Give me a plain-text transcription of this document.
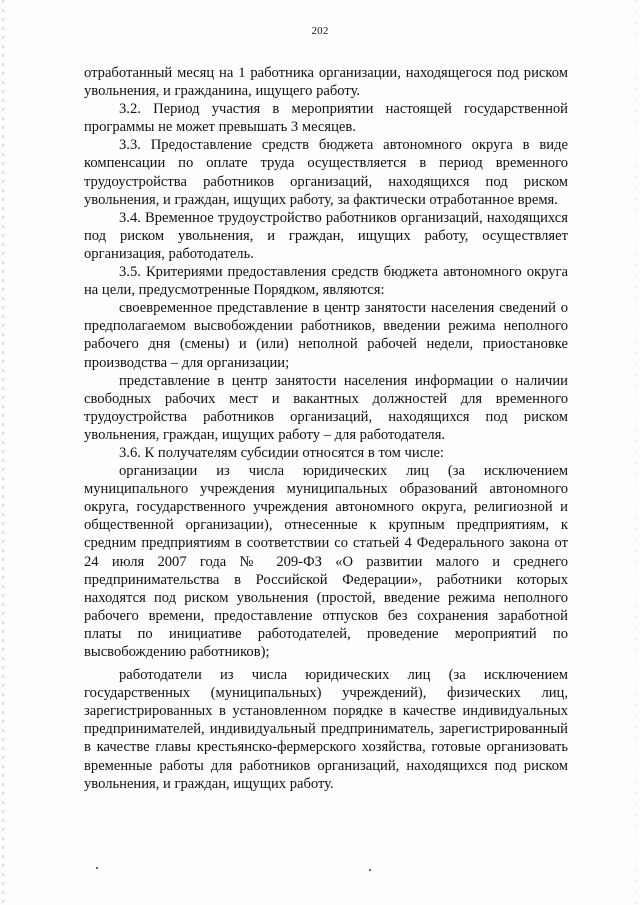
202

отработанный месяц на 1 работника организации, находящегося под риском увольнения, и гражданина, ищущего работу.

3.2. Период участия в мероприятии настоящей государственной программы не может превышать 3 месяцев.

3.3. Предоставление средств бюджета автономного округа в виде компенсации по оплате труда осуществляется в период временного трудоустройства работников организаций, находящихся под риском увольнения, и граждан, ищущих работу, за фактически отработанное время.

3.4. Временное трудоустройство работников организаций, находящихся под риском увольнения, и граждан, ищущих работу, осуществляет организация, работодатель.

3.5. Критериями предоставления средств бюджета автономного округа на цели, предусмотренные Порядком, являются:

своевременное представление в центр занятости населения сведений о предполагаемом высвобождении работников, введении режима неполного рабочего дня (смены) и (или) неполной рабочей недели, приостановке производства – для организации;

представление в центр занятости населения информации о наличии свободных рабочих мест и вакантных должностей для временного трудоустройства работников организаций, находящихся под риском увольнения, граждан, ищущих работу – для работодателя.

3.6. К получателям субсидии относятся в том числе:

организации из числа юридических лиц (за исключением муниципального учреждения муниципальных образований автономного округа, государственного учреждения автономного округа, религиозной и общественной организации), отнесенные к крупным предприятиям, к средним предприятиям в соответствии со статьей 4 Федерального закона от 24 июля 2007 года № 209-ФЗ «О развитии малого и среднего предпринимательства в Российской Федерации», работники которых находятся под риском увольнения (простой, введение режима неполного рабочего времени, предоставление отпусков без сохранения заработной платы по инициативе работодателей, проведение мероприятий по высвобождению работников);

работодатели из числа юридических лиц (за исключением государственных (муниципальных) учреждений), физических лиц, зарегистрированных в установленном порядке в качестве индивидуальных предпринимателей, индивидуальный предприниматель, зарегистрированный в качестве главы крестьянско-фермерского хозяйства, готовые организовать временные работы для работников организаций, находящихся под риском увольнения, и граждан, ищущих работу.
